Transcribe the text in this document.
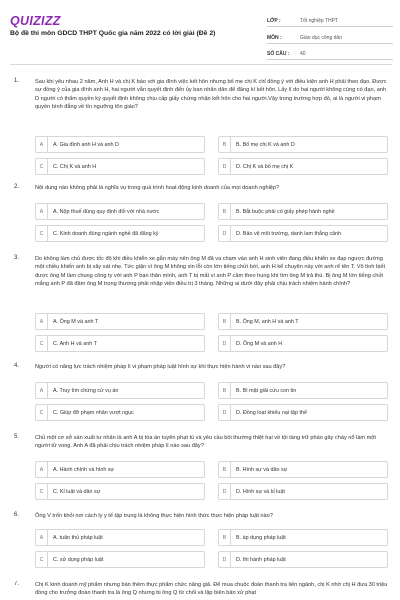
QUIZIZZ
Bộ đề thi môn GDCD THPT Quốc gia năm 2022 có lời giải (Đề 2)
LỚP :	Tốt nghiệp THPT
MÔN :	Giáo dục công dân
SỐ CÂU :	40
1.	Sau khi yêu nhau 2 năm, Anh H và chị K báo với gia đình việc kết hôn nhưng bố mẹ chị K chỉ đồng ý với điều kiện anh H phải theo đạo. Được sự đồng ý của gia đình anh H, hai người vẫn quyết định đến ủy ban nhân dân để đăng kí kết hôn. Lấy lí do hai người không cùng có đạo, anh D người có thẩm quyền ký quyết định không chịu cấp giấy chứng nhận kết hôn cho hai người.Vậy trong trường hợp đó, ai là người vi phạm quyền bình đẳng về tín ngưỡng tôn giáo?
A	A. Gia đình anh H và anh D	B	B. Bố mẹ chị K và anh D
C	C. Chị K và anh H	D	D. Chị K và bố mẹ chị K
2.	Nội dung nào không phải là nghĩa vụ trong quá trình hoạt động kinh doanh của mọi doanh nghiệp?
A	A. Nộp thuế đúng quy định đối với nhà nước	B	B. Bắt buộc phải có giấy phép hành nghề
C	C. Kinh doanh đúng ngành nghề đã đăng ký	D	D. Bảo vệ môi trường, danh lam thắng cảnh
3.	Do không làm chủ được tốc độ khi điều khiển xe gắn máy nên ông M đã va chạm vào anh H sinh viên đang điều khiển xe đạp ngược đường một chiều khiến anh bị xây xát nhẹ. Tức giận vì ông M không xin lỗi còn lớn tiếng chửi bới, anh H kể chuyện này với anh rể tên T. Vô tình biết được ông M làm chung công ty với anh P bạn thân mình, anh T bị mất ví anh P cầm theo hung khí tìm ông M trả thù. Bị ông M lớn tiếng chửi mắng anh P đã đâm ông M trọng thương phải nhập viện điều trị 3 tháng. Những ai dưới đây phải chịu trách nhiệm hành chính?
A	A. Ông M và anh T	B	B. Ông M, anh H và anh T
C	C. Anh H và anh T	D	D. Ông M và anh H
4.	Người có năng lực trách nhiệm pháp lí vi phạm pháp luật hình sự khi thực hiện hành vi nào sau đây?
A	A. Truy tìm chứng cứ vụ án	B	B. Bí mật giải cứu con tin
C	C. Giúp đỡ phạm nhân vượt ngục	D	D. Đồng loạt khiếu nại tập thể
5.	Chủ một cơ sở sản xuất tư nhân là anh A bị tòa án tuyên phạt tù và yêu cầu bồi thường thiệt hại về tội tàng trữ pháo gây cháy nổ làm một người tử vong. Anh A đã phải chịu trách nhiệm pháp lí nào sau đây?
A	A. Hành chính và hình sự	B	B. Hình sự và dân sự
C	C. Kỉ luật và dân sự	D	D. Hình sự và kỉ luật
6.	Ông V trốn khỏi nơi cách ly y tế tập trung là không thực hiện hình thức thực hiện pháp luật nào?
A	A. tuân thủ pháp luật	B	B. áp dụng pháp luật
C	C. sử dụng pháp luật	D	D. thi hành pháp luật
7.	Chị K kinh doanh mỹ phẩm nhưng bán thêm thực phẩm chức năng giả. Để mua chuộc đoàn thanh tra liên ngành, chị K nhờ chị H đưa 30 triệu đồng cho trưởng đoàn thanh tra là ông Q nhưng bị ông Q từ chối và lập biên bản xử phạt
